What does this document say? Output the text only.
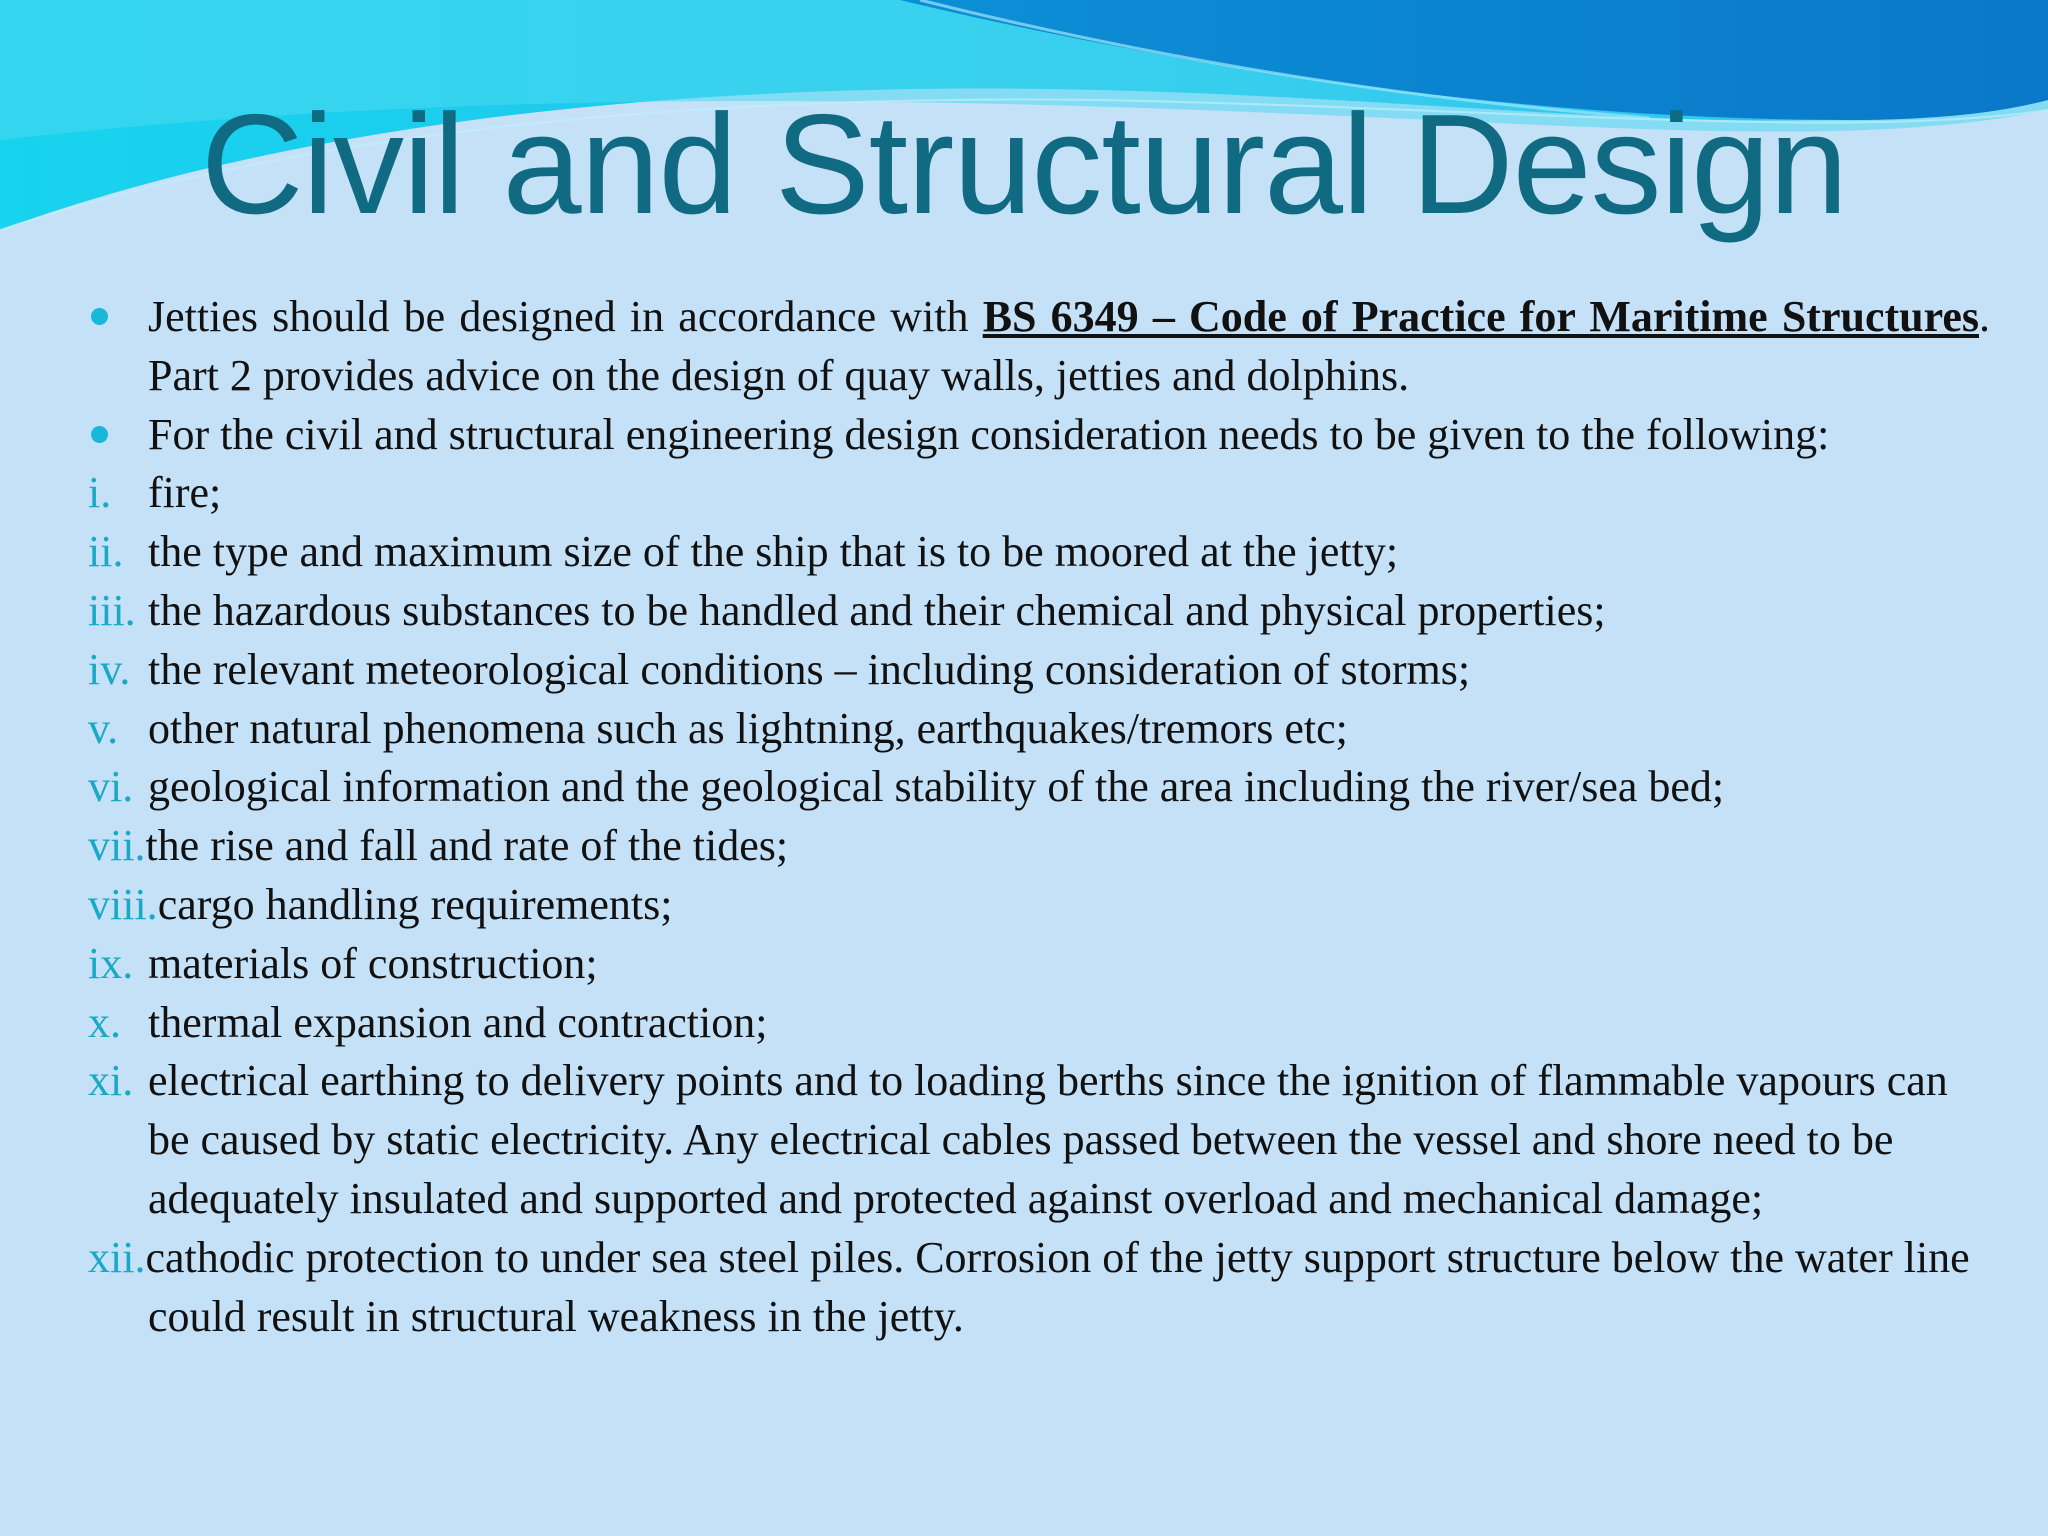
Civil and Structural Design
Jetties should be designed in accordance with BS 6349 – Code of Practice for Maritime Structures. Part 2 provides advice on the design of quay walls, jetties and dolphins.
For the civil and structural engineering design consideration needs to be given to the following:
i. fire;
ii. the type and maximum size of the ship that is to be moored at the jetty;
iii. the hazardous substances to be handled and their chemical and physical properties;
iv. the relevant meteorological conditions – including consideration of storms;
v. other natural phenomena such as lightning, earthquakes/tremors etc;
vi. geological information and the geological stability of the area including the river/sea bed;
vii.the rise and fall and rate of the tides;
viii.cargo handling requirements;
ix. materials of construction;
x. thermal expansion and contraction;
xi. electrical earthing to delivery points and to loading berths since the ignition of flammable vapours can be caused by static electricity. Any electrical cables passed between the vessel and shore need to be adequately insulated and supported and protected against overload and mechanical damage;
xii.cathodic protection to under sea steel piles. Corrosion of the jetty support structure below the water line could result in structural weakness in the jetty.
